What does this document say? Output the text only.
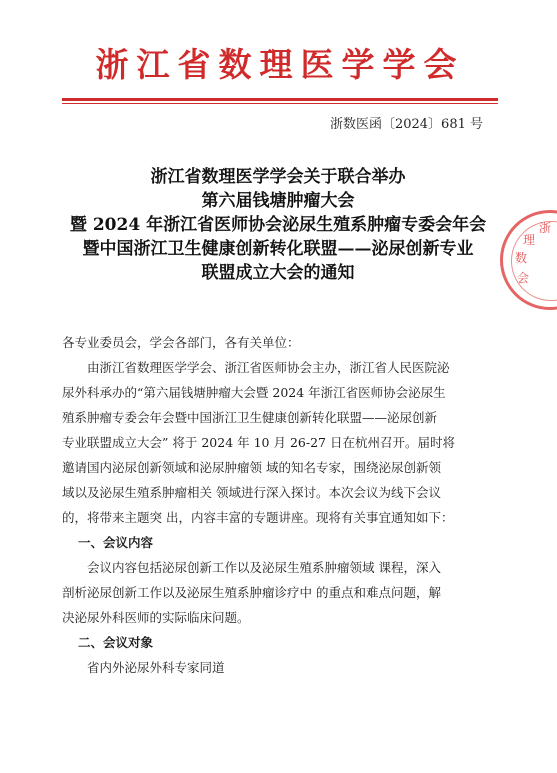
浙江省数理医学学会
浙数医函〔2024〕681 号
浙江省数理医学学会关于联合举办
第六届钱塘肿瘤大会
暨 2024 年浙江省医师协会泌尿生殖系肿瘤专委会年会
暨中国浙江卫生健康创新转化联盟——泌尿创新专业
联盟成立大会的通知
浙
理
数
会
各专业委员会，学会各部门，各有关单位：
由浙江省数理医学学会、浙江省医师协会主办，浙江省人民医院泌
尿外科承办的“第六届钱塘肿瘤大会暨 2024 年浙江省医师协会泌尿生
殖系肿瘤专委会年会暨中国浙江卫生健康创新转化联盟——泌尿创新
专业联盟成立大会” 将于 2024 年 10 月 26-27 日在杭州召开。届时将
邀请国内泌尿创新领域和泌尿肿瘤领 域的知名专家，围绕泌尿创新领
域以及泌尿生殖系肿瘤相关 领域进行深入探讨。本次会议为线下会议
的，将带来主题突 出，内容丰富的专题讲座。现将有关事宜通知如下：
一、会议内容
会议内容包括泌尿创新工作以及泌尿生殖系肿瘤领域 课程，深入
剖析泌尿创新工作以及泌尿生殖系肿瘤诊疗中 的重点和难点问题，解
决泌尿外科医师的实际临床问题。
二、会议对象
省内外泌尿外科专家同道
